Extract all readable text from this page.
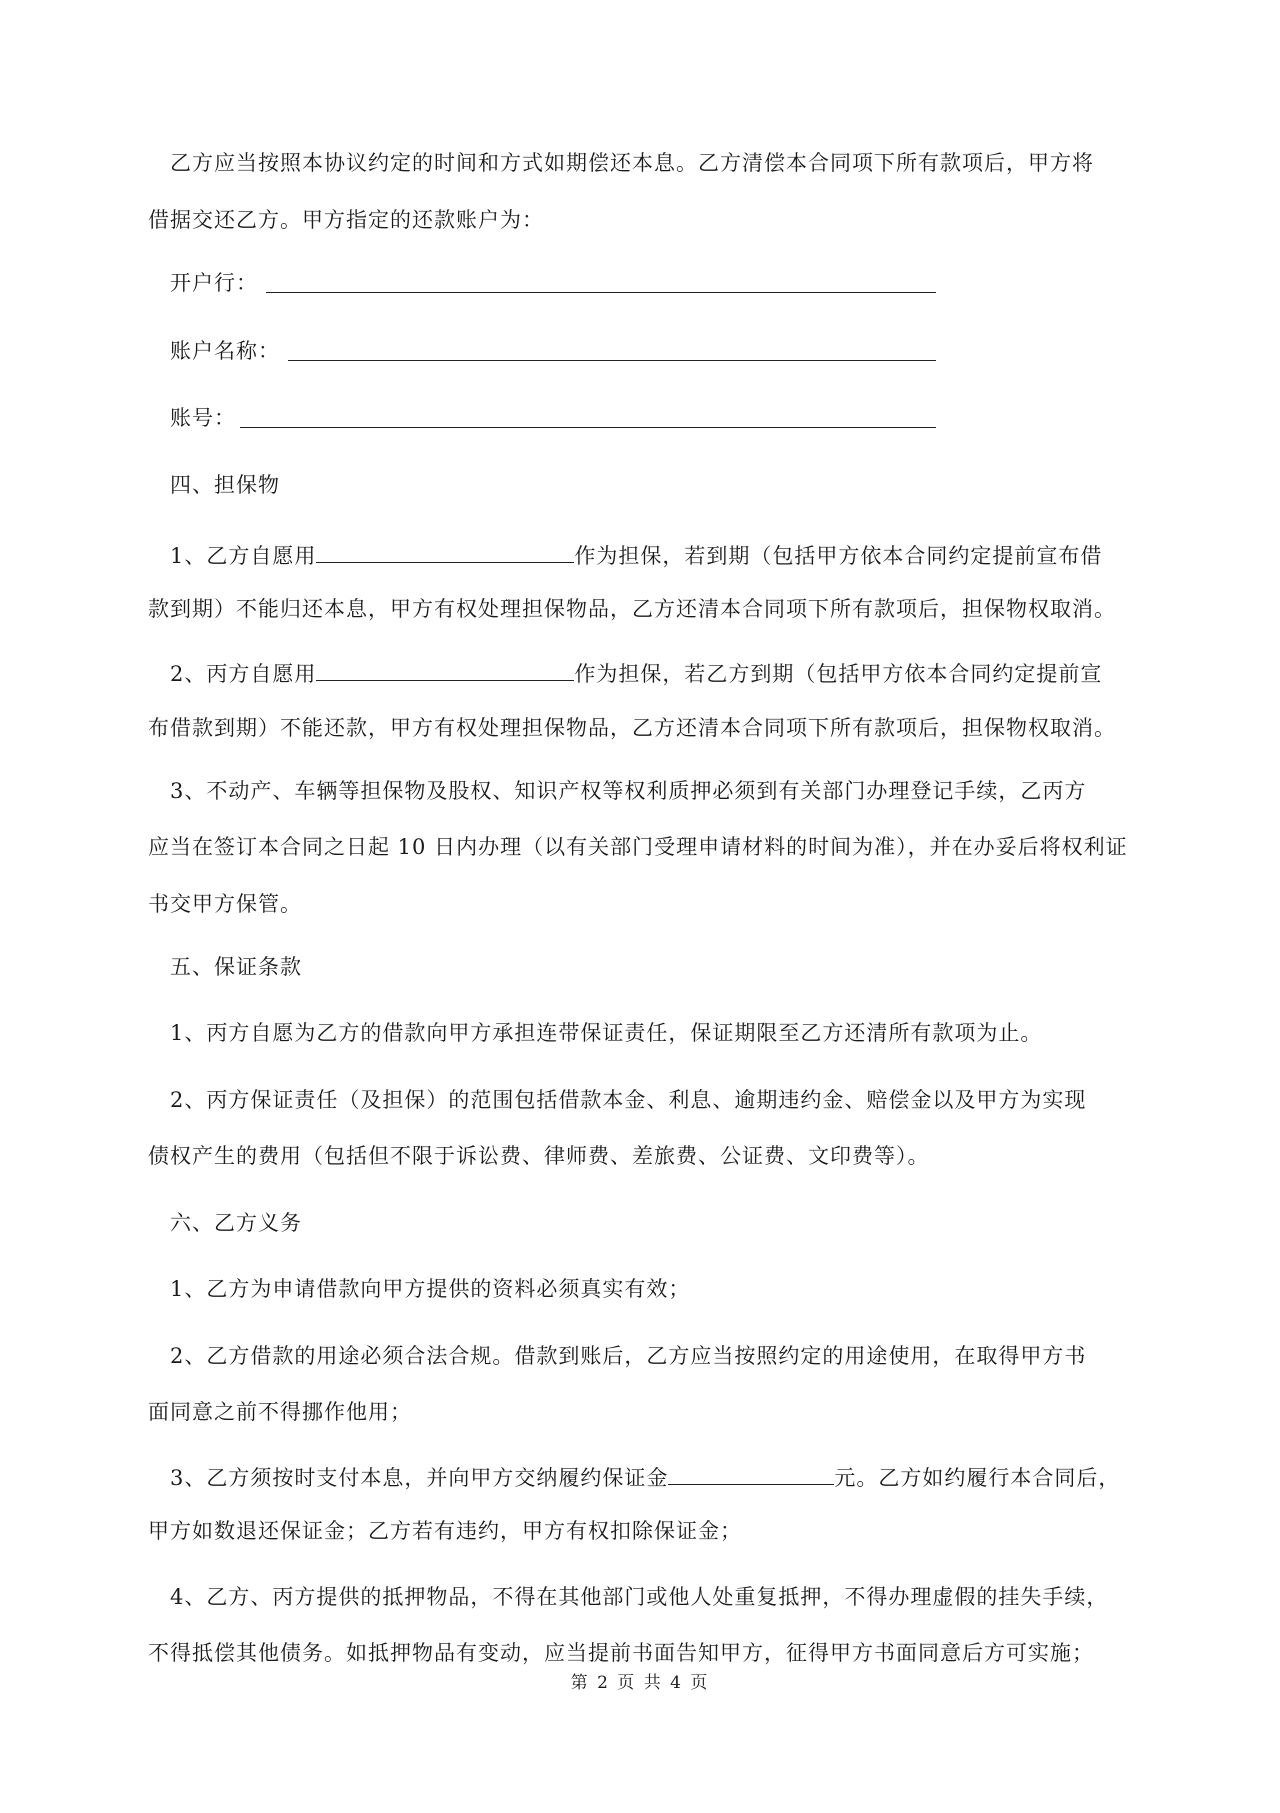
乙方应当按照本协议约定的时间和方式如期偿还本息。乙方清偿本合同项下所有款项后，甲方将
借据交还乙方。甲方指定的还款账户为：
开户行：
账户名称：
账号：
四、担保物
1、乙方自愿用	作为担保，若到期（包括甲方依本合同约定提前宣布借
款到期）不能归还本息，甲方有权处理担保物品，乙方还清本合同项下所有款项后，担保物权取消。
2、丙方自愿用	作为担保，若乙方到期（包括甲方依本合同约定提前宣
布借款到期）不能还款，甲方有权处理担保物品，乙方还清本合同项下所有款项后，担保物权取消。
3、不动产、车辆等担保物及股权、知识产权等权利质押必须到有关部门办理登记手续，乙丙方
应当在签订本合同之日起 10 日内办理（以有关部门受理申请材料的时间为准），并在办妥后将权利证
书交甲方保管。
五、保证条款
1、丙方自愿为乙方的借款向甲方承担连带保证责任，保证期限至乙方还清所有款项为止。
2、丙方保证责任（及担保）的范围包括借款本金、利息、逾期违约金、赔偿金以及甲方为实现
债权产生的费用（包括但不限于诉讼费、律师费、差旅费、公证费、文印费等）。
六、乙方义务
1、乙方为申请借款向甲方提供的资料必须真实有效；
2、乙方借款的用途必须合法合规。借款到账后，乙方应当按照约定的用途使用，在取得甲方书
面同意之前不得挪作他用；
3、乙方须按时支付本息，并向甲方交纳履约保证金	元。乙方如约履行本合同后，
甲方如数退还保证金；乙方若有违约，甲方有权扣除保证金；
4、乙方、丙方提供的抵押物品，不得在其他部门或他人处重复抵押，不得办理虚假的挂失手续，
不得抵偿其他债务。如抵押物品有变动，应当提前书面告知甲方，征得甲方书面同意后方可实施；
第 2 页 共 4 页
